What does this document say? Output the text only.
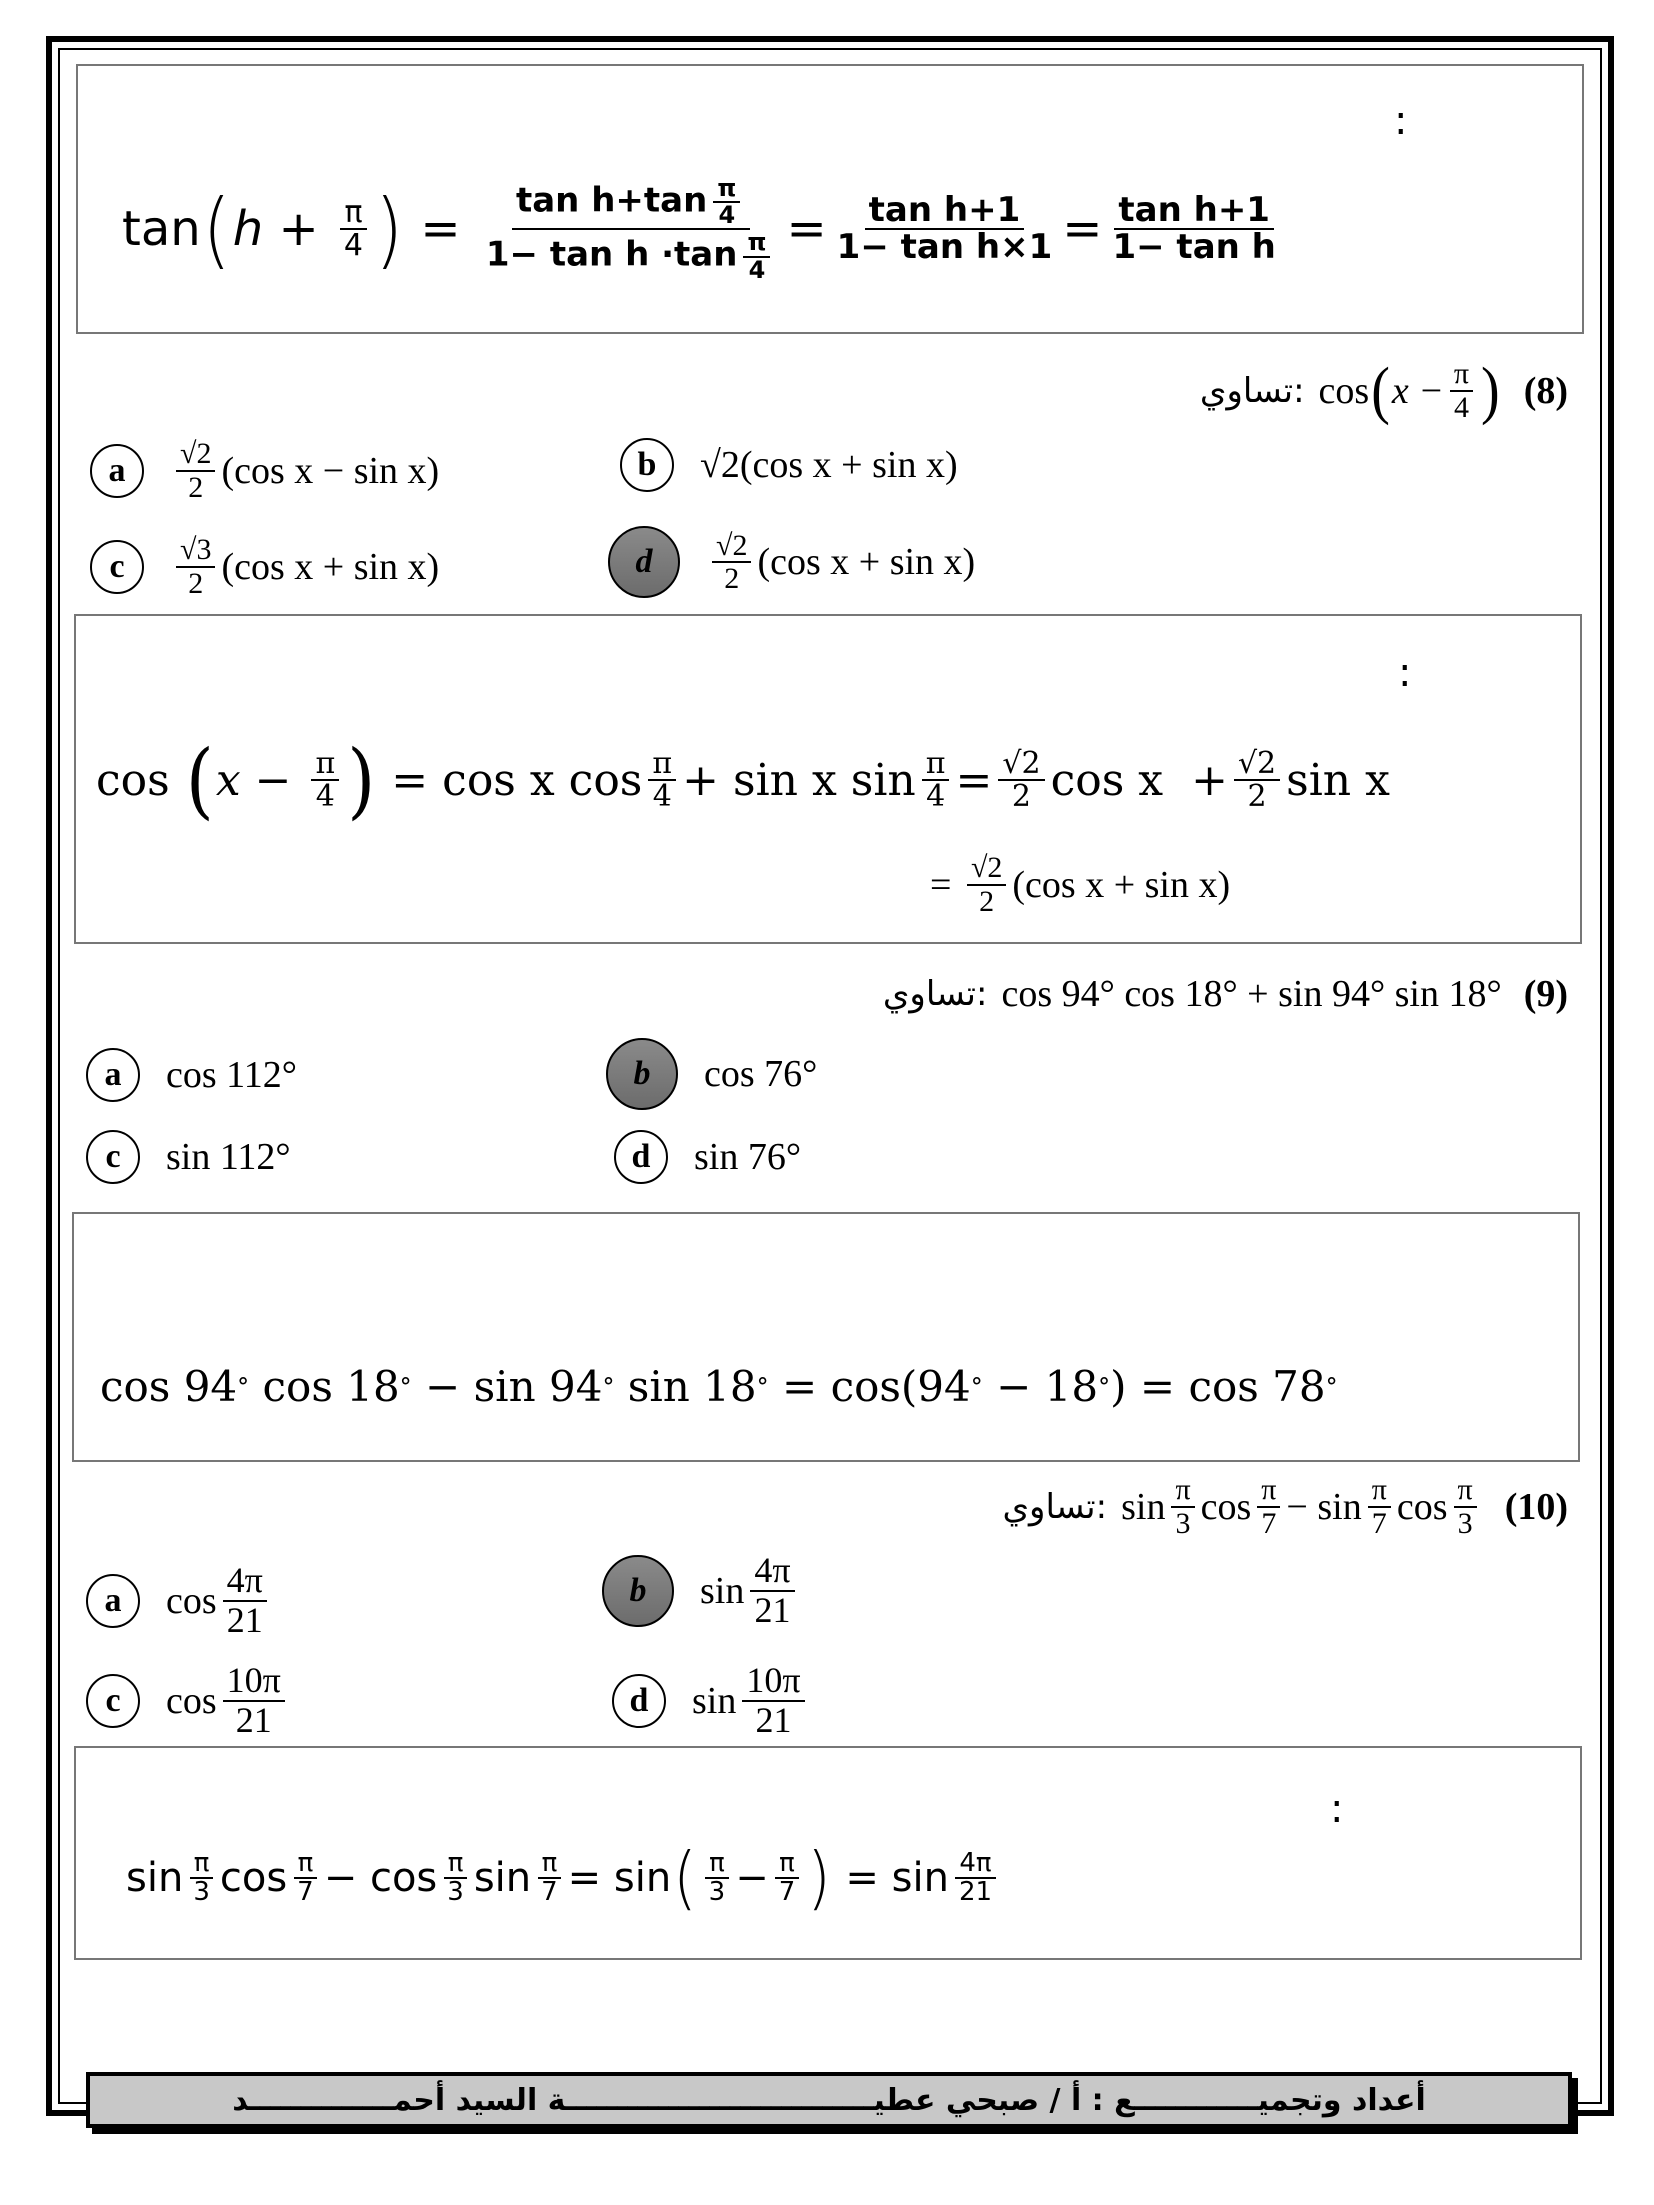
:
tan ( h
+
$\frac{\pi}{4}$ )
=
$\frac{\tan h+\tan \frac{\pi}{4}}{1- \tan h \cdot\tan \frac{\pi}{4}} = \frac{\text{tan h+1}}{\text{1− tan h×1}} = \frac{\text{tan h+1}}{\text{1− tan h}}$
تساوي: cos ( $x - \frac{\pi}{4}$ ) (8)
a	$\frac{√2}{2} (\cos$ x − sin x)	b	√2(cos x + sin x)
c	$\frac{√3}{2} (\cos$ x + sin x)	d	$\frac{√2}{2} (\cos$ x + sin x)
:
cos
( x −
$\frac{\pi}{4}$ )
=
cos x $\cos \frac{\pi}{4}$ +
sin x $\sin \frac{\pi}{4} = \frac{√2}{2}$ cos x
+ $\frac{√2}{2}$ sin x
=
$\frac{√2}{2} (\cos$ x + sin x)
تساوي: cos 94° cos 18° + sin 94° sin 18° (9)
a	cos 112°	b	cos 76°
c	sin 112°	d	sin 76°
cos 94 °
cos 18 °
−
sin 94 °
sin 18 °
=
cos(94 °
− 18 ° )
=
cos 78 °
تساوي: $\sin \frac{\pi}{3}$ $\cos \frac{\pi}{7}$ −
$\sin \frac{\pi}{7}$ $\cos \frac{\pi}{3} (10)$
a	$\cos \frac{4\pi}{21}$	b	$\sin \frac{4\pi}{21}$
c	$\cos \frac{10\pi}{21}$	d	$\sin \frac{10\pi}{21}$
:
$\sin \frac{\pi}{3}$ $\cos \frac{\pi}{7}$ −
$\cos \frac{\pi}{3}$ $\sin \frac{\pi}{7}$ =
sin ( $\frac{\pi}{3} - \frac{\pi}{7}$ )
=
$\sin \frac{4\pi}{21}$
أعداد وتجميــــــــــــع : أ / صبحي عطيــــــــــــــــــــــــــــــة السيد أحمــــــــــــــد
